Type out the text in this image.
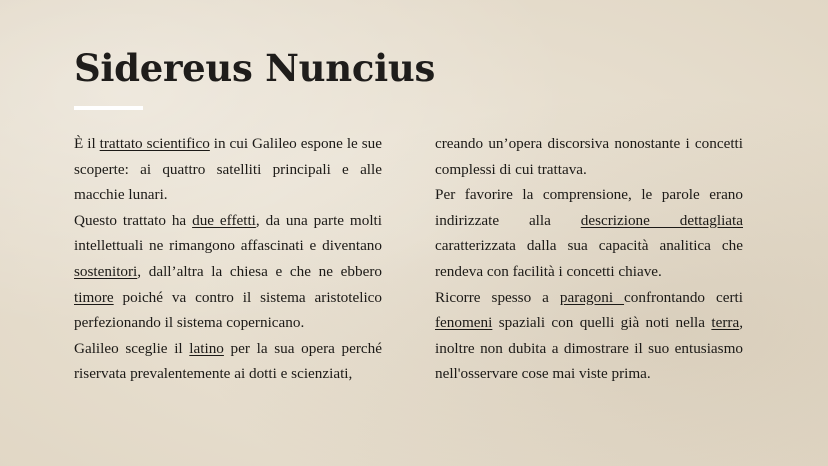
Sidereus Nuncius

È il trattato scientifico in cui Galileo espone le sue scoperte: ai quattro satelliti principali e alle macchie lunari.

Questo trattato ha due effetti, da una parte molti intellettuali ne rimangono affascinati e diventano sostenitori, dall’altra la chiesa e che ne ebbero timore poiché va contro il sistema aristotelico perfezionando il sistema copernicano.

Galileo sceglie il latino per la sua opera perché riservata prevalentemente ai dotti e scienziati,

creando un’opera discorsiva nonostante i concetti complessi di cui trattava.

Per favorire la comprensione, le parole erano indirizzate alla descrizione dettagliata caratterizzata dalla sua capacità analitica che rendeva con facilità i concetti chiave.

Ricorre spesso a paragoni confrontando certi fenomeni spaziali con quelli già noti nella terra, inoltre non dubita a dimostrare il suo entusiasmo nell'osservare cose mai viste prima.
